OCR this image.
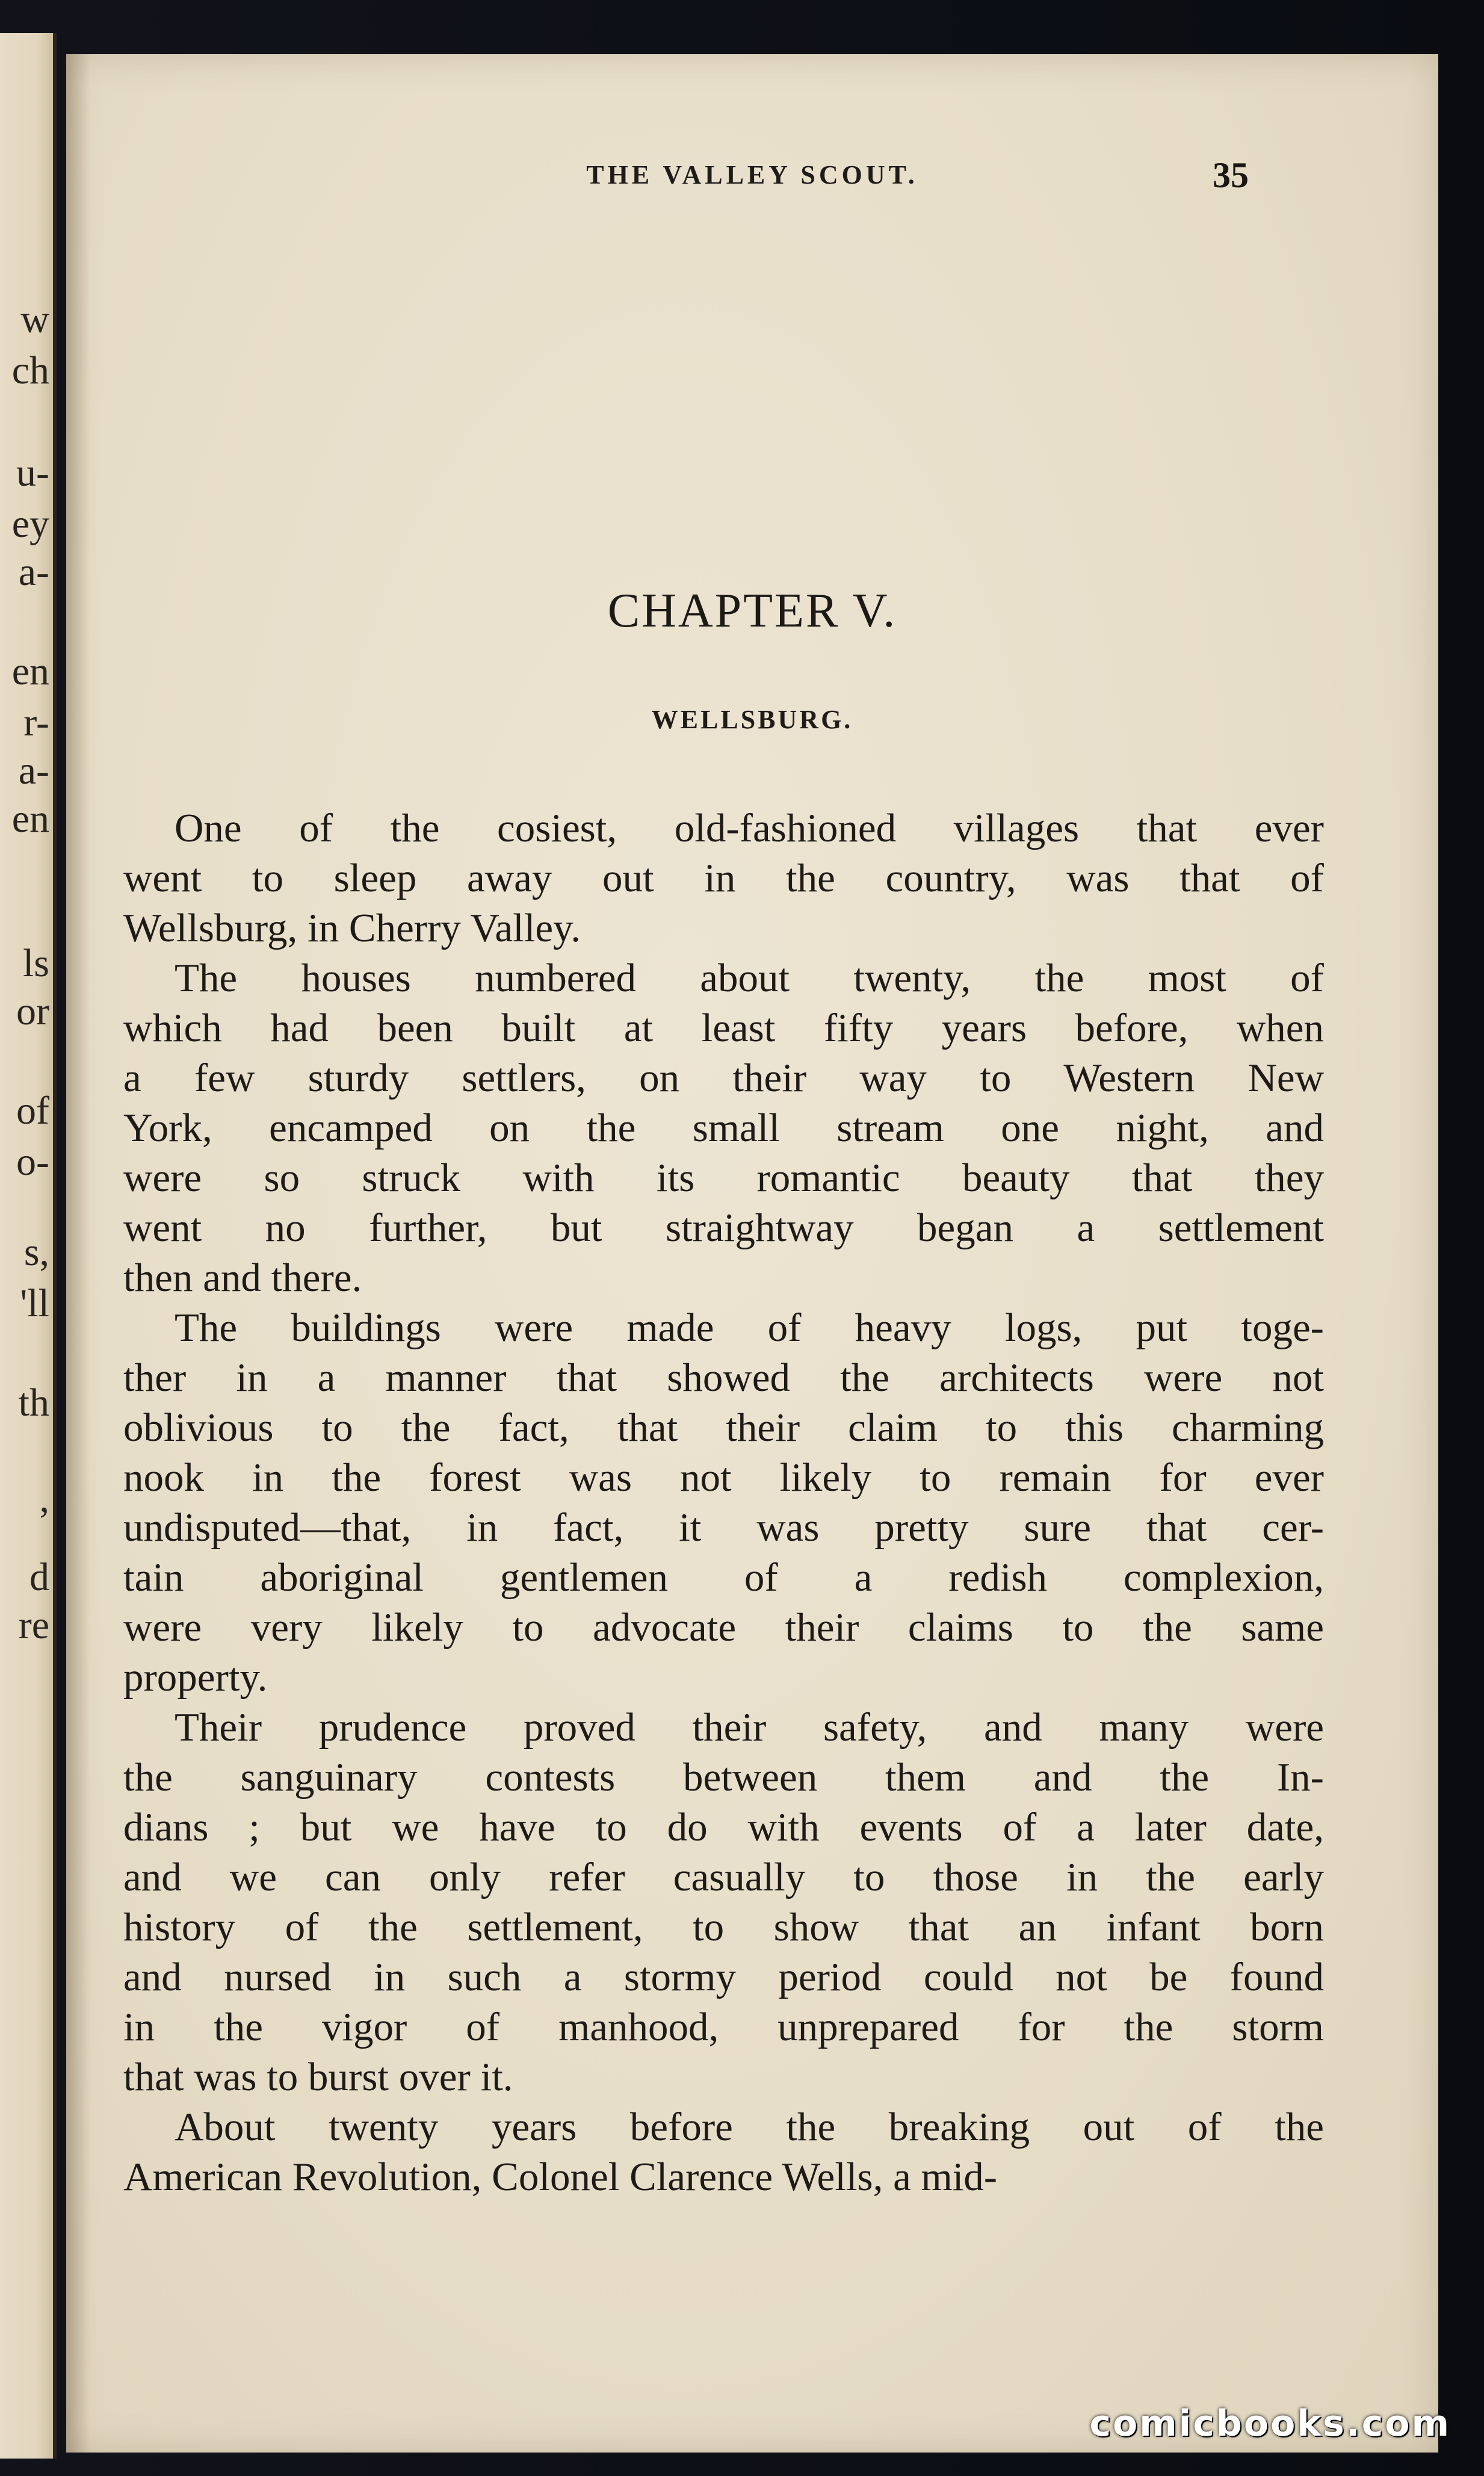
w
ch
u-
ey
a-
en
r-
a-
en
ls
or
of
o-
s,
'll
th
,
d
re
THE VALLEY SCOUT.	35
CHAPTER V.
WELLSBURG.
One of the cosiest, old-fashioned villages that ever
went to sleep away out in the country, was that of
Wellsburg, in Cherry Valley.
The houses numbered about twenty, the most of
which had been built at least fifty years before, when
a few sturdy settlers, on their way to Western New
York, encamped on the small stream one night, and
were so struck with its romantic beauty that they
went no further, but straightway began a settlement
then and there.
The buildings were made of heavy logs, put toge-
ther in a manner that showed the architects were not
oblivious to the fact, that their claim to this charming
nook in the forest was not likely to remain for ever
undisputed—that, in fact, it was pretty sure that cer-
tain aboriginal gentlemen of a redish complexion,
were very likely to advocate their claims to the same
property.
Their prudence proved their safety, and many were
the sanguinary contests between them and the In-
dians ; but we have to do with events of a later date,
and we can only refer casually to those in the early
history of the settlement, to show that an infant born
and nursed in such a stormy period could not be found
in the vigor of manhood, unprepared for the storm
that was to burst over it.
About twenty years before the breaking out of the
American Revolution, Colonel Clarence Wells, a mid-
comicbooks.com
